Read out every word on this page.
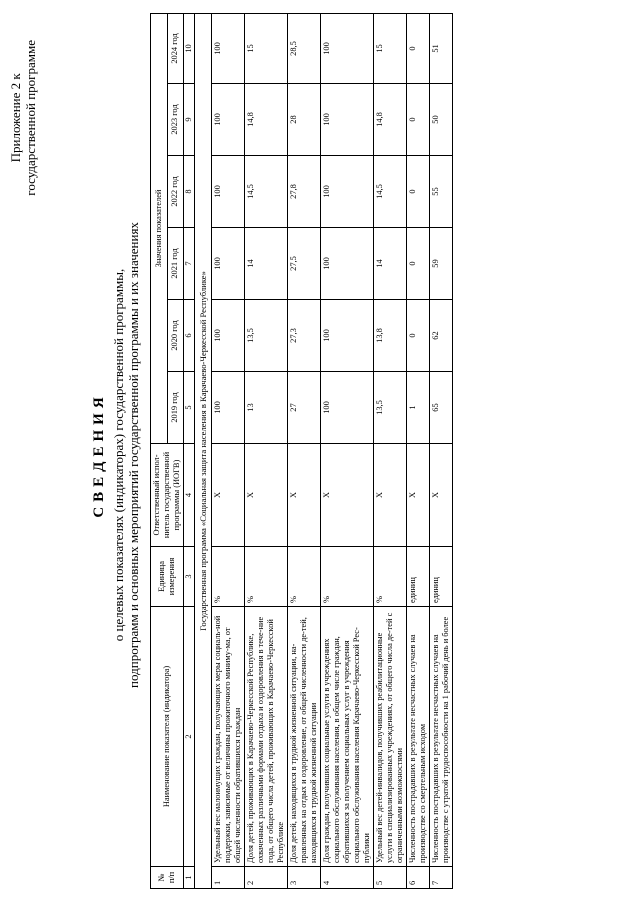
Приложение 2 к государственной программе
СВЕДЕНИЯ о целевых показателях (индикаторах) государственной программы, подпрограмм и основных мероприятий государственной программы и их значениях
№ п/п	Наименование показателя (индикатора)	Единица измерения	Ответственный испол-нитель государственной программы (ИОГВ)	Значения показателей					
				2019 год	2020 год	2021 год	2022 год	2023 год	2024 год
1	2	3	4	5	6	7	8	9	10
Государственная программа «Социальная защита населения в Карачаево-Черкесской Республике»									
1	Удельный вес малоимущих граждан, получающих меры социаль-ной поддержки, зависимые от величины прожиточного миниму-ма, от общей численности обратившихся граждан	%	Х	100	100	100	100	100	100
2	Доля детей, проживающих в Карачаево-Черкесской Республике, охваченных различными формами отдыха и оздоровления в тече-ние года, от общего числа детей, проживающих в Карачаево-Черкесской Республике	%	Х	13	13,5	14	14,5	14,8	15
3	Доля детей, находящихся в трудной жизненной ситуации, на-правленных на отдых и оздоровление, от общей численности де-тей, находящихся в трудной жизненной ситуации	%	Х	27	27,3	27,5	27,8	28	28,5
4	Доля граждан, получивших социальные услуги в учреждениях социального обслуживания населения, в общем числе граждан, обратившихся за получением социальных услуг в учреждения социального обслуживания населения Карачаево-Черкесской Рес-публики	%	Х	100	100	100	100	100	100
5	Удельный вес детей-инвалидов, получивших реабилитационные услуги в специализированных учреждениях, от общего числа де-тей с ограниченными возможностями	%	Х	13,5	13,8	14	14,5	14,8	15
6	Численность пострадавших в результате несчастных случаев на производстве со смертельным исходом	единиц	Х	1	0	0	0	0	0
7	Численность пострадавших в результате несчастных случаев на производстве с утратой трудоспособности на 1 рабочий день и более	единиц	Х	65	62	59	55	50	51
